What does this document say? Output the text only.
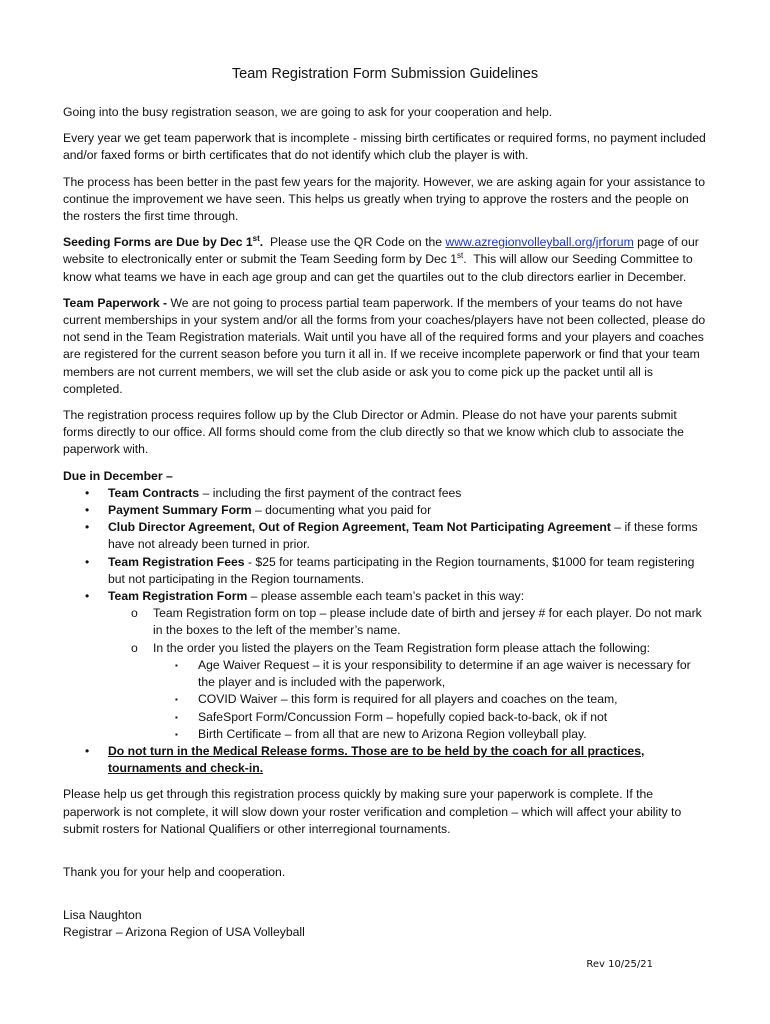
Team Registration Form Submission Guidelines

Going into the busy registration season, we are going to ask for your cooperation and help.

Every year we get team paperwork that is incomplete - missing birth certificates or required forms, no payment included and/or faxed forms or birth certificates that do not identify which club the player is with.

The process has been better in the past few years for the majority. However, we are asking again for your assistance to continue the improvement we have seen. This helps us greatly when trying to approve the rosters and the people on the rosters the first time through.

Seeding Forms are Due by Dec 1st.  Please use the QR Code on the www.azregionvolleyball.org/jrforum page of our website to electronically enter or submit the Team Seeding form by Dec 1st.  This will allow our Seeding Committee to know what teams we have in each age group and can get the quartiles out to the club directors earlier in December.

Team Paperwork - We are not going to process partial team paperwork. If the members of your teams do not have current memberships in your system and/or all the forms from your coaches/players have not been collected, please do not send in the Team Registration materials. Wait until you have all of the required forms and your players and coaches are registered for the current season before you turn it all in. If we receive incomplete paperwork or find that your team members are not current members, we will set the club aside or ask you to come pick up the packet until all is completed.

The registration process requires follow up by the Club Director or Admin. Please do not have your parents submit forms directly to our office. All forms should come from the club directly so that we know which club to associate the paperwork with.

Due in December –
• Team Contracts – including the first payment of the contract fees
• Payment Summary Form – documenting what you paid for
• Club Director Agreement, Out of Region Agreement, Team Not Participating Agreement – if these forms have not already been turned in prior.
• Team Registration Fees - $25 for teams participating in the Region tournaments, $1000 for team registering but not participating in the Region tournaments.
• Team Registration Form – please assemble each team’s packet in this way:
o Team Registration form on top – please include date of birth and jersey # for each player. Do not mark in the boxes to the left of the member’s name.
o In the order you listed the players on the Team Registration form please attach the following:
▪ Age Waiver Request – it is your responsibility to determine if an age waiver is necessary for the player and is included with the paperwork,
▪ COVID Waiver – this form is required for all players and coaches on the team,
▪ SafeSport Form/Concussion Form – hopefully copied back-to-back, ok if not
▪ Birth Certificate – from all that are new to Arizona Region volleyball play.
• Do not turn in the Medical Release forms. Those are to be held by the coach for all practices, tournaments and check-in.

Please help us get through this registration process quickly by making sure your paperwork is complete. If the paperwork is not complete, it will slow down your roster verification and completion – which will affect your ability to submit rosters for National Qualifiers or other interregional tournaments.

Thank you for your help and cooperation.

Lisa Naughton
Registrar – Arizona Region of USA Volleyball
Rev 10/25/21
